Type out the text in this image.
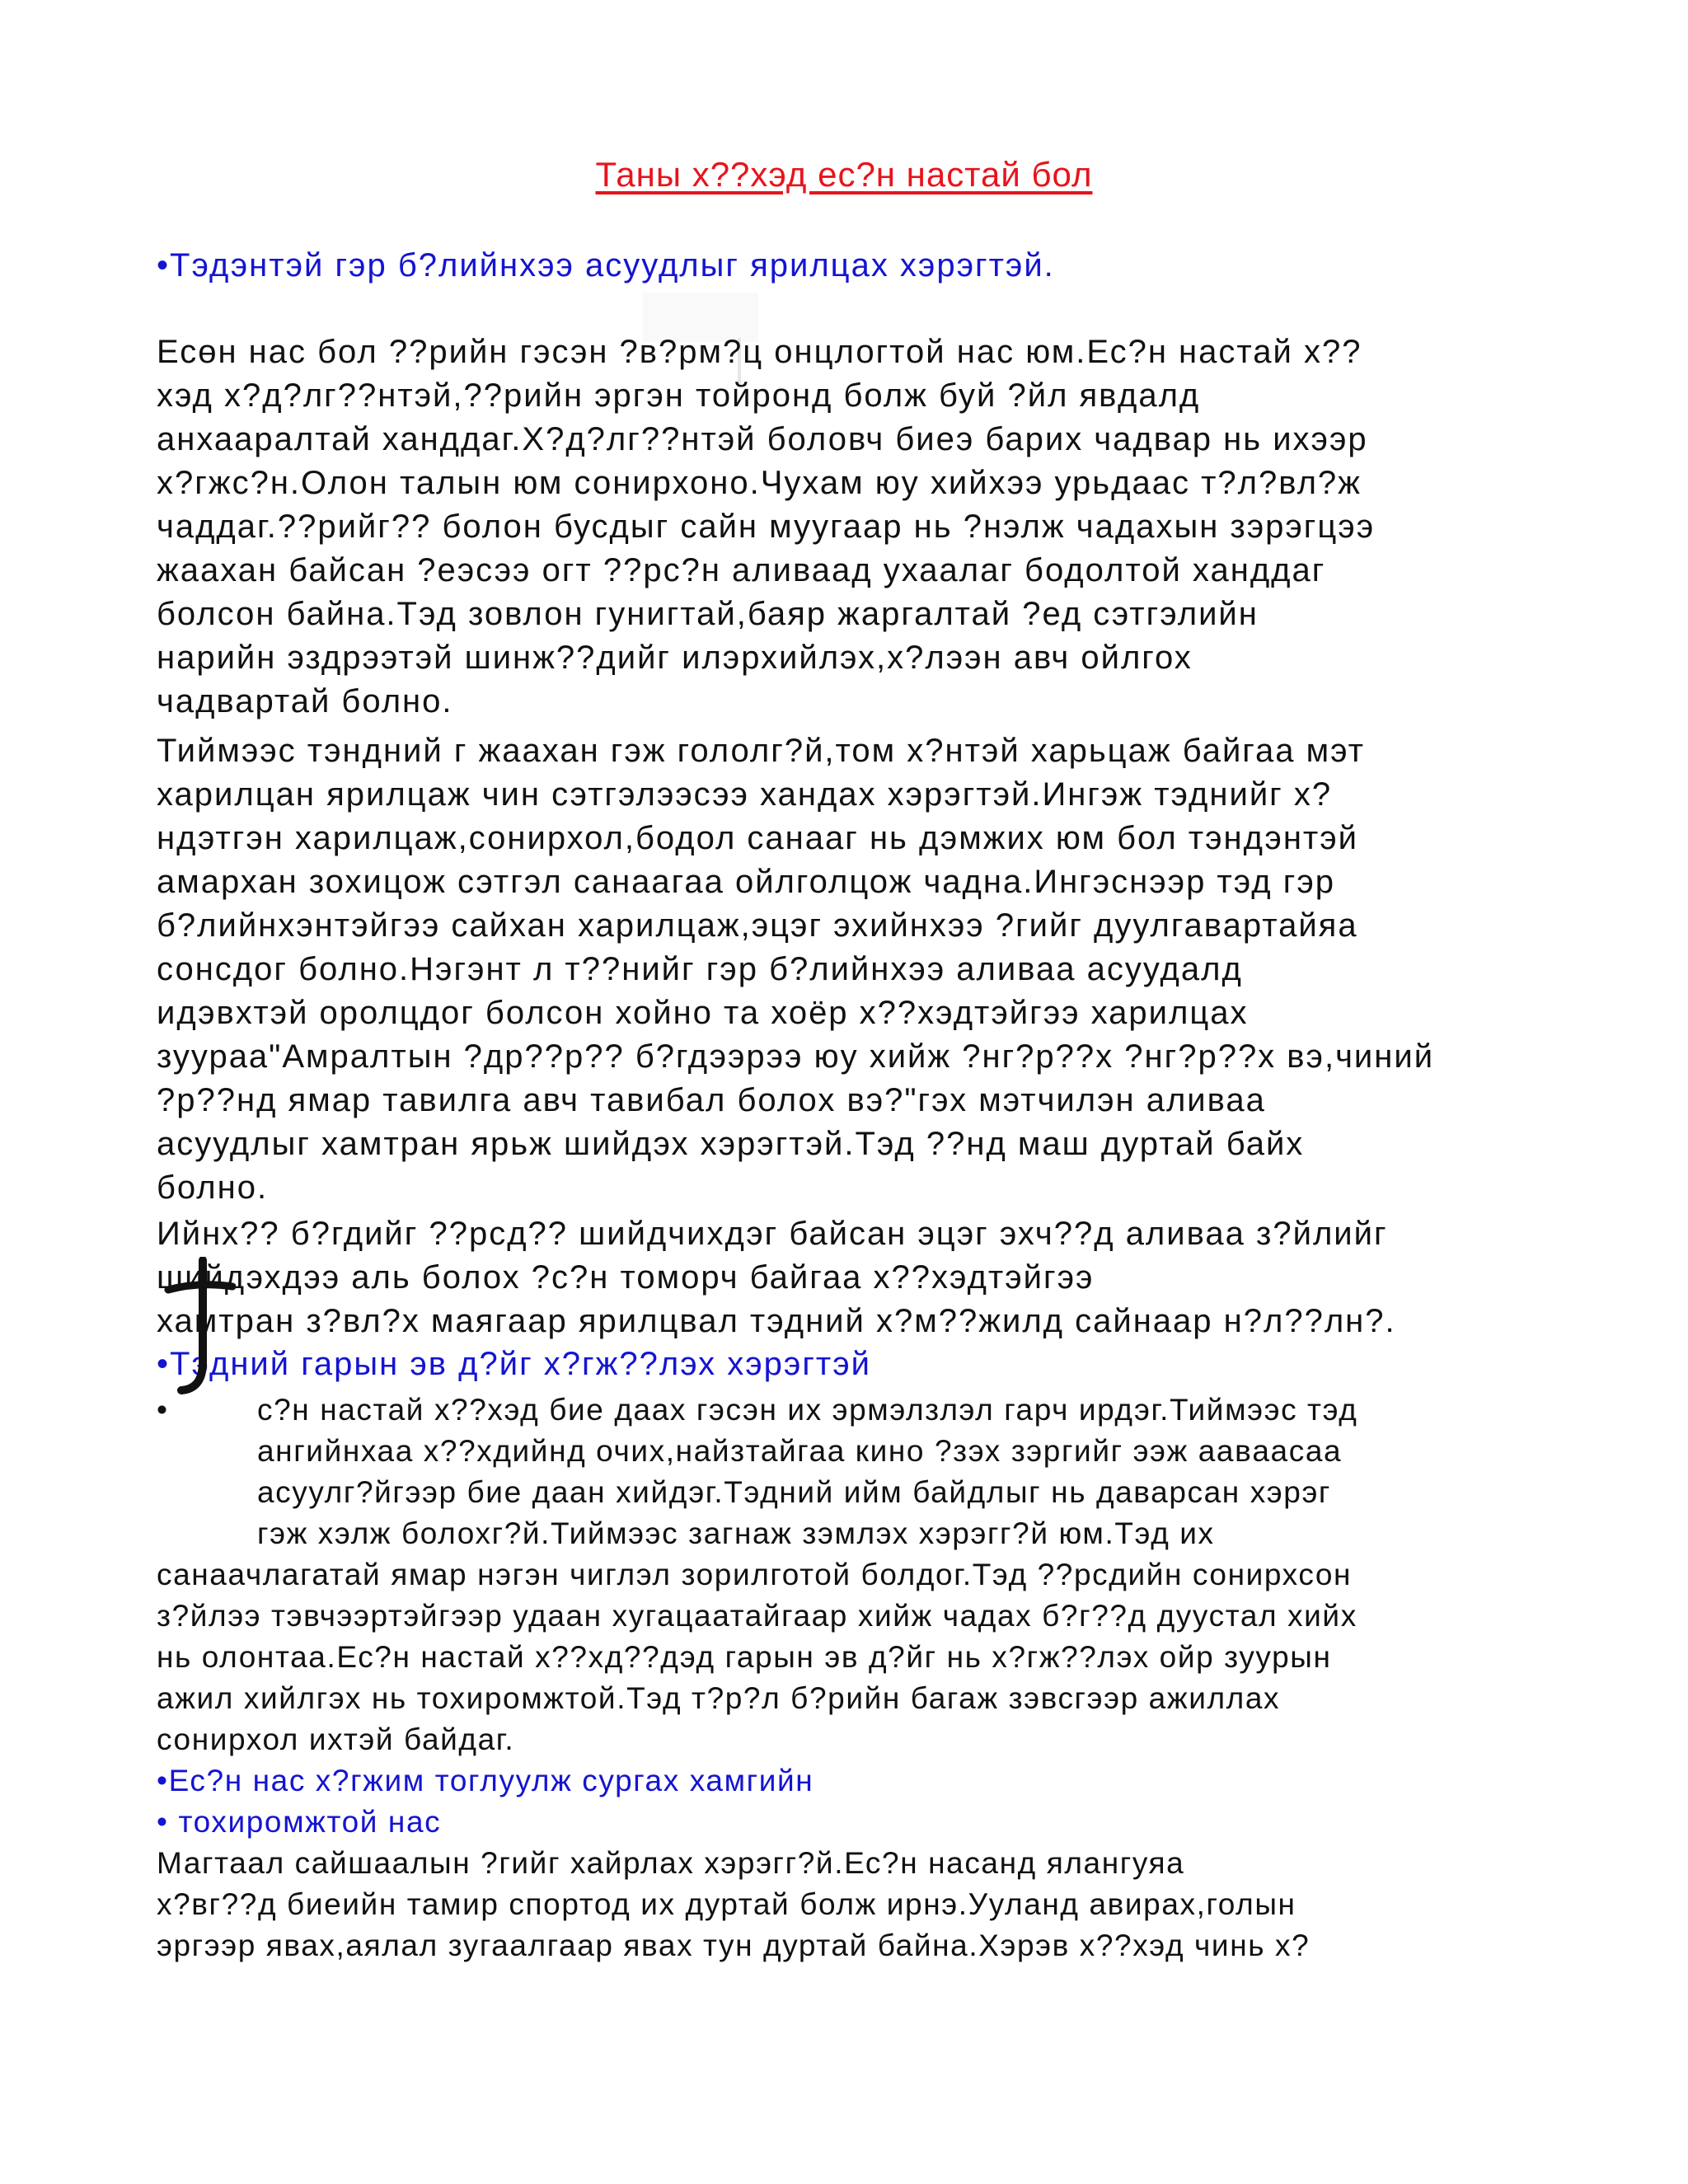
Таны х??хэд ес?н настай бол
•Тэдэнтэй гэр б?лийнхээ асуудлыг ярилцах хэрэгтэй.
Есөн нас бол ??рийн гэсэн ?в?рм?ц онцлогтой нас юм.Ес?н настай х??
хэд х?д?лг??нтэй,??рийн эргэн тойронд болж буй ?йл явдалд
анхааралтай ханддаг.Х?д?лг??нтэй боловч биеэ барих чадвар нь ихээр
х?гжс?н.Олон талын юм сонирхоно.Чухам юу хийхээ урьдаас т?л?вл?ж
чаддаг.??рийг?? болон бусдыг сайн муугаар нь ?нэлж чадахын зэрэгцээ
жаахан байсан ?еэсээ огт ??рс?н аливаад ухаалаг бодолтой ханддаг
болсон байна.Тэд зовлон гунигтай,баяр жаргалтай ?ед сэтгэлийн
нарийн эздрээтэй шинж??дийг илэрхийлэх,х?лээн авч ойлгох
чадвартай болно.
Тиймээс тэндний г жаахан гэж гололг?й,том х?нтэй харьцаж байгаа мэт
харилцан ярилцаж чин сэтгэлээсээ хандах хэрэгтэй.Ингэж тэднийг х?
ндэтгэн харилцаж,сонирхол,бодол санааг нь дэмжих юм бол тэндэнтэй
амархан зохицож сэтгэл санаагаа ойлголцож чадна.Ингэснээр тэд гэр
б?лийнхэнтэйгээ сайхан харилцаж,эцэг эхийнхээ ?гийг дуулгавартайяа
сонсдог болно.Нэгэнт л т??нийг гэр б?лийнхээ аливаа асуудалд
идэвхтэй оролцдог болсон хойно та хоёр х??хэдтэйгээ харилцах
зуураа"Амралтын ?др??р?? б?гдээрээ юу хийж ?нг?р??х ?нг?р??х вэ,чиний
?р??нд ямар тавилга авч тавибал болох вэ?"гэх мэтчилэн аливаа
асуудлыг хамтран ярьж шийдэх хэрэгтэй.Тэд ??нд маш дуртай байх
болно.
Ийнх?? б?гдийг ??рсд?? шийдчихдэг байсан эцэг эхч??д аливаа з?йлийг
шийдэхдээ аль болох ?с?н томорч байгаа х??хэдтэйгээ
хамтран з?вл?х маягаар ярилцвал тэдний х?м??жилд сайнаар н?л??лн?.
•Тэдний гарын эв д?йг х?гж??лэх хэрэгтэй
•	с?н настай х??хэд бие даах гэсэн их эрмэлзлэл гарч ирдэг.Тиймээс тэд
ангийнхаа х??хдийнд очих,найзтайгаа кино ?зэх зэргийг ээж аавaасаа
асуулг?йгээр бие даан хийдэг.Тэдний ийм байдлыг нь даварсан хэрэг
гэж хэлж болохг?й.Тиймээс загнаж зэмлэх хэрэгг?й юм.Тэд их
санаачлагатай ямар нэгэн чиглэл зорилготой болдог.Тэд ??рсдийн сонирхсон
з?йлээ тэвчээртэйгээр удаан хугацаатайгаар хийж чадах б?г??д дуустал хийх
нь олонтаа.Ес?н настай х??хд??дэд гарын эв д?йг нь х?гж??лэх ойр зуурын
ажил хийлгэх нь тохиромжтой.Тэд т?р?л б?рийн багаж зэвсгээр ажиллах
сонирхол ихтэй байдаг.
•Ес?н нас х?гжим тоглуулж сургах хамгийн
• тохиромжтой нас
Магтаал сайшаалын ?гийг хайрлах хэрэгг?й.Ес?н насанд ялангуяа
х?вг??д биеийн тамир спортод их дуртай болж ирнэ.Ууланд авирах,голын
эргээр явах,аялал зугаалгаар явах тун дуртай байна.Хэрэв х??хэд чинь х?
